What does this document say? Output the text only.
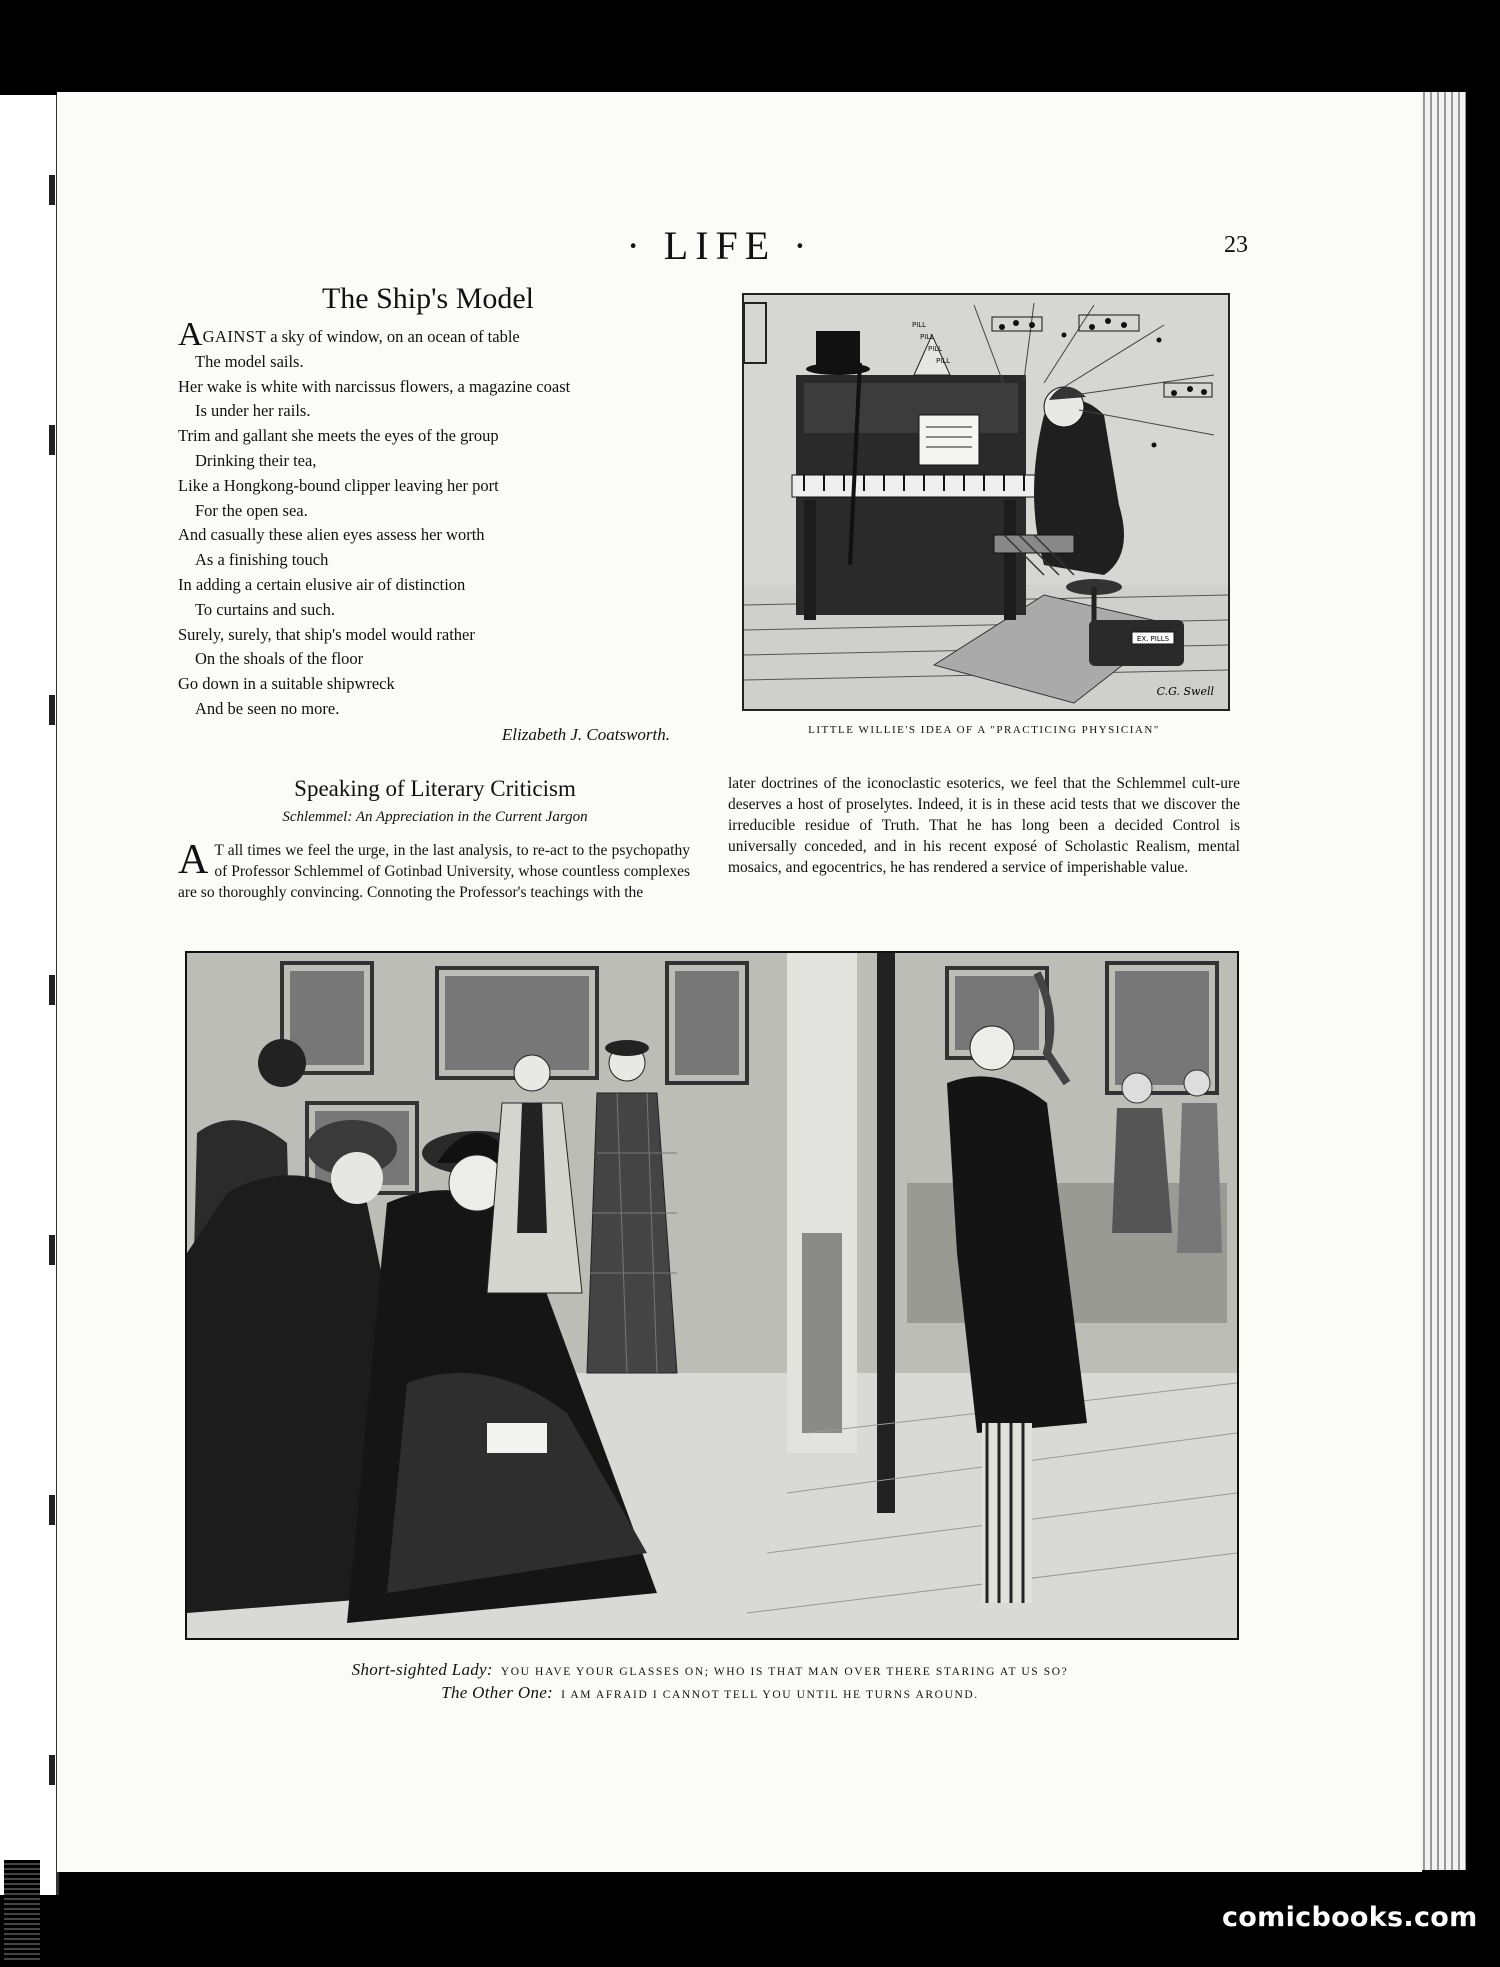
· LIFE ·	23
The Ship's Model
AGAINST a sky of window, on an ocean of table
The model sails.
Her wake is white with narcissus flowers, a magazine coast
Is under her rails.
Trim and gallant she meets the eyes of the group
Drinking their tea,
Like a Hongkong-bound clipper leaving her port
For the open sea.
And casually these alien eyes assess her worth
As a finishing touch
In adding a certain elusive air of distinction
To curtains and such.
Surely, surely, that ship's model would rather
On the shoals of the floor
Go down in a suitable shipwreck
And be seen no more.
Elizabeth J. Coatsworth.
EX. PILLS
PILL
PILL
PILL
PILL
C.G. Swell
LITTLE WILLIE'S IDEA OF A "PRACTICING PHYSICIAN"
Speaking of Literary Criticism
Schlemmel: An Appreciation in the Current Jargon
A T all times we feel the urge, in the last analysis, to re-act to the psychopathy of Professor Schlemmel of Gotinbad University, whose countless complexes are so thoroughly convincing. Connoting the Professor's teachings with the
later doctrines of the iconoclastic esoterics, we feel that the Schlemmel cult-ure deserves a host of proselytes. Indeed, it is in these acid tests that we discover the irreducible residue of Truth. That he has long been a decided Control is universally conceded, and in his recent exposé of Scholastic Realism, mental mosaics, and egocentrics, he has rendered a service of imperishable value.
Short-sighted Lady: YOU HAVE YOUR GLASSES ON; WHO IS THAT MAN OVER THERE STARING AT US SO?
The Other One: I AM AFRAID I CANNOT TELL YOU UNTIL HE TURNS AROUND.
comicbooks.com
